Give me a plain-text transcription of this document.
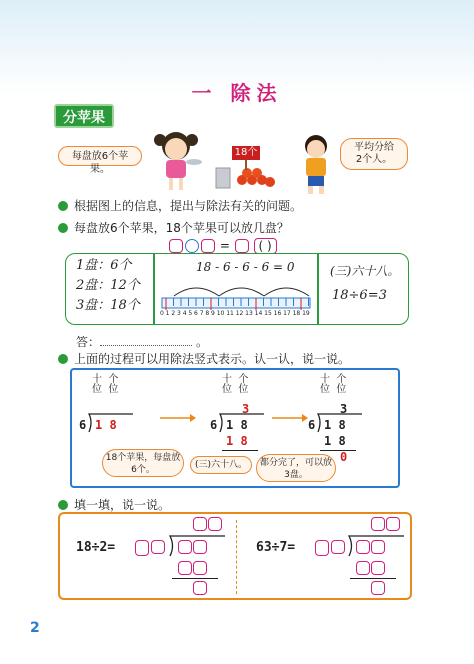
一 除法
分苹果
每盘放6个苹果。
平均分给
2个人。
18个
根据图上的信息，提出与除法有关的问题。
每盘放6个苹果，18个苹果可以放几盘？
= ( )
1盘：6个
2盘：12个
3盘：18个
18 - 6 - 6 - 6 = 0
0 1 2 3 4 5 6 7 8 9 10 11 12 13 14 15 16 17 18 19
(三)六十八。
18÷6=3
答：	。
上面的过程可以用除法竖式表示。认一认，说一说。
十 个
位 位
6 1 8
十 个
位 位
3
6 1 8
1 8
十 个
位 位
3
6 1 8
1 8
0
18个苹果，每盘放6个。	(三)六十八。	都分完了，可以放3盘。
填一填，说一说。
18÷2=	63÷7=
2
